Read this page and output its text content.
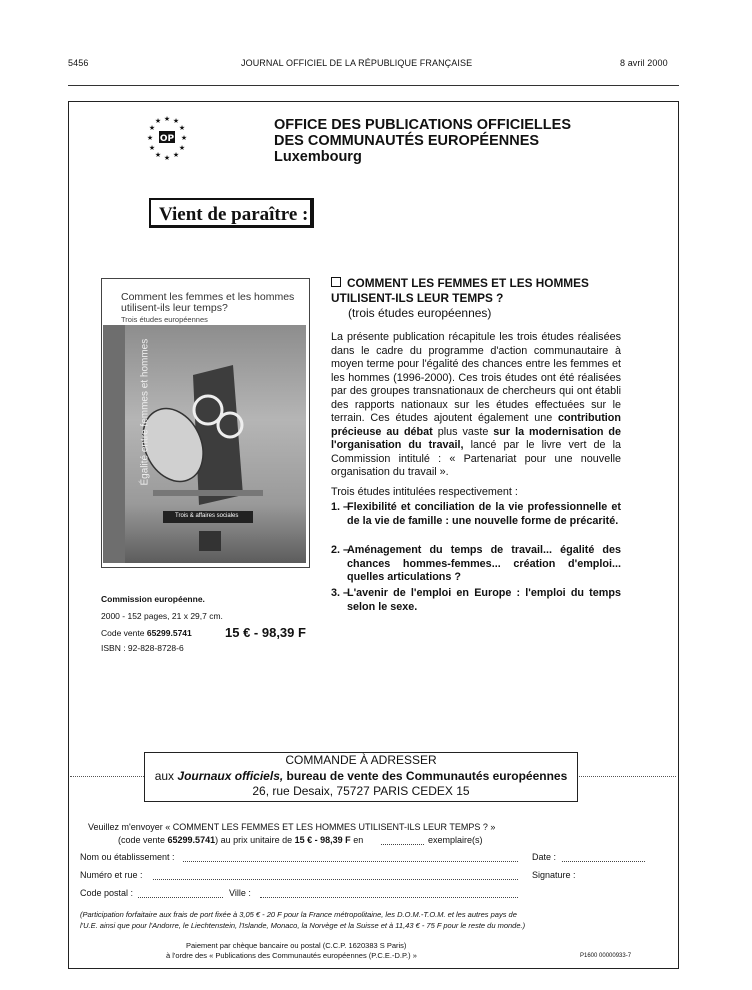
5456	JOURNAL OFFICIEL DE LA RÉPUBLIQUE FRANÇAISE	8 avril 2000
★ ★
★
★
★
★
★
★
★
★
★
★
OP
OFFICE DES PUBLICATIONS OFFICIELLES
DES COMMUNAUTÉS EUROPÉENNES
Luxembourg
Vient de paraître :
Comment les femmes et les hommes utilisent-ils leur temps?
Trois études européennes
Égalité entre femmes et hommes
Trois & affaires sociales
Commission européenne.
2000 - 152 pages, 21 x 29,7 cm.
Code vente 65299.5741	15 € - 98,39 F
ISBN : 92-828-8728-6
COMMENT LES FEMMES ET LES HOMMES UTILISENT-ILS LEUR TEMPS ?
(trois études européennes)
La présente publication récapitule les trois études réalisées dans le cadre du programme d'action communautaire à moyen terme pour l'égalité des chances entre les femmes et les hommes (1996-2000). Ces trois études ont été réalisées par des groupes transnationaux de chercheurs qui ont établi des rapports nationaux sur les études effectuées sur le terrain. Ces études ajoutent également une contribution précieuse au débat plus vaste sur la modernisation de l'organisation du travail, lancé par le livre vert de la Commission intitulé : « Partenariat pour une nouvelle organisation du travail ».
Trois études intitulées respectivement :
1. –
Flexibilité et conciliation de la vie professionnelle et de la vie de famille : une nouvelle forme de précarité.
2. –
Aménagement du temps de travail... égalité des chances hommes-femmes... création d'emploi... quelles articulations ?
3. –
L'avenir de l'emploi en Europe : l'emploi du temps selon le sexe.
COMMANDE À ADRESSER
aux Journaux officiels, bureau de vente des Communautés européennes
26, rue Desaix, 75727 PARIS CEDEX 15
Veuillez m'envoyer « COMMENT LES FEMMES ET LES HOMMES UTILISENT-ILS LEUR TEMPS ? »
(code vente 65299.5741) au prix unitaire de 15 € - 98,39 F en	exemplaire(s)
Nom ou établissement :	Date :
Numéro et rue :	Signature :
Code postal :	Ville :
(Participation forfaitaire aux frais de port fixée à 3,05 € - 20 F pour la France métropolitaine, les D.O.M.-T.O.M. et les autres pays de
l'U.E. ainsi que pour l'Andorre, le Liechtenstein, l'Islande, Monaco, la Norvège et la Suisse et à 11,43 € - 75 F pour le reste du monde.)
Paiement par chèque bancaire ou postal (C.C.P. 1620383 S Paris)
à l'ordre des « Publications des Communautés européennes (P.C.E.-D.P.) »	P1600 00000933-7
